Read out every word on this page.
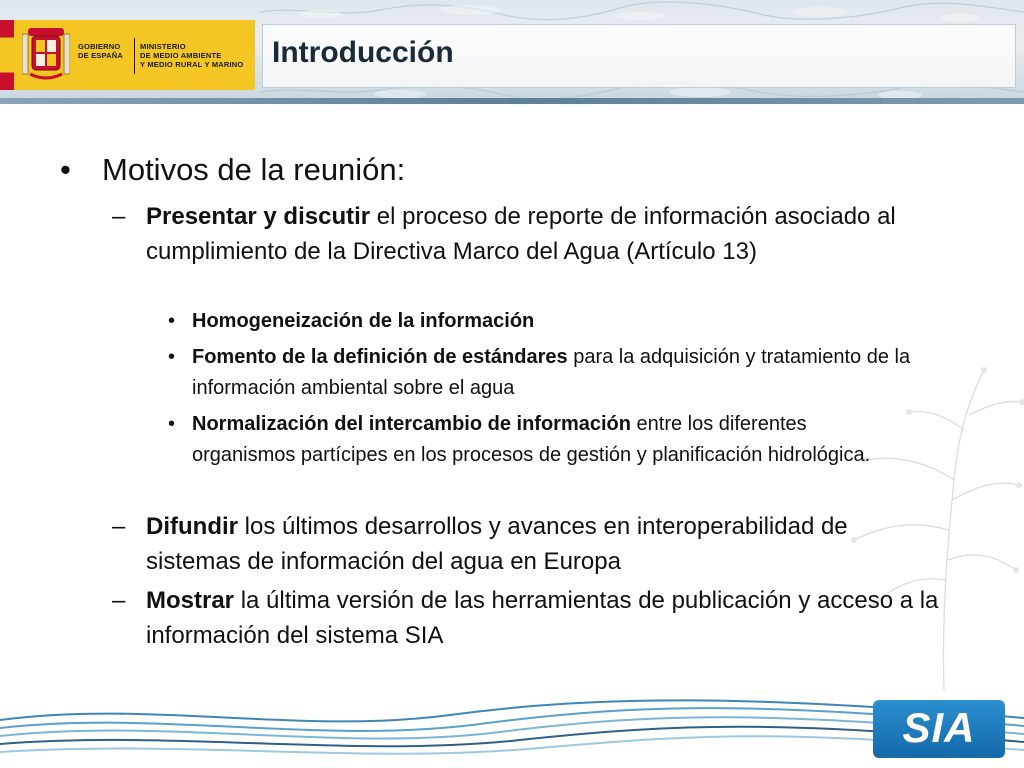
GOBIERNO
DE ESPAÑA
MINISTERIO
DE MEDIO AMBIENTE
Y MEDIO RURAL Y MARINO Introducción
• Motivos de la reunión:
– Presentar y discutir el proceso de reporte de información asociado al cumplimiento de la Directiva Marco del Agua (Artículo 13)
• Homogeneización de la información
• Fomento de la definición de estándares para la adquisición y tratamiento de la información ambiental sobre el agua
• Normalización del intercambio de información entre los diferentes organismos partícipes en los procesos de gestión y planificación hidrológica.
– Difundir los últimos desarrollos y avances en interoperabilidad de sistemas de información del agua en Europa
– Mostrar la última versión de las herramientas de publicación y acceso a la información del sistema SIA
SIA
